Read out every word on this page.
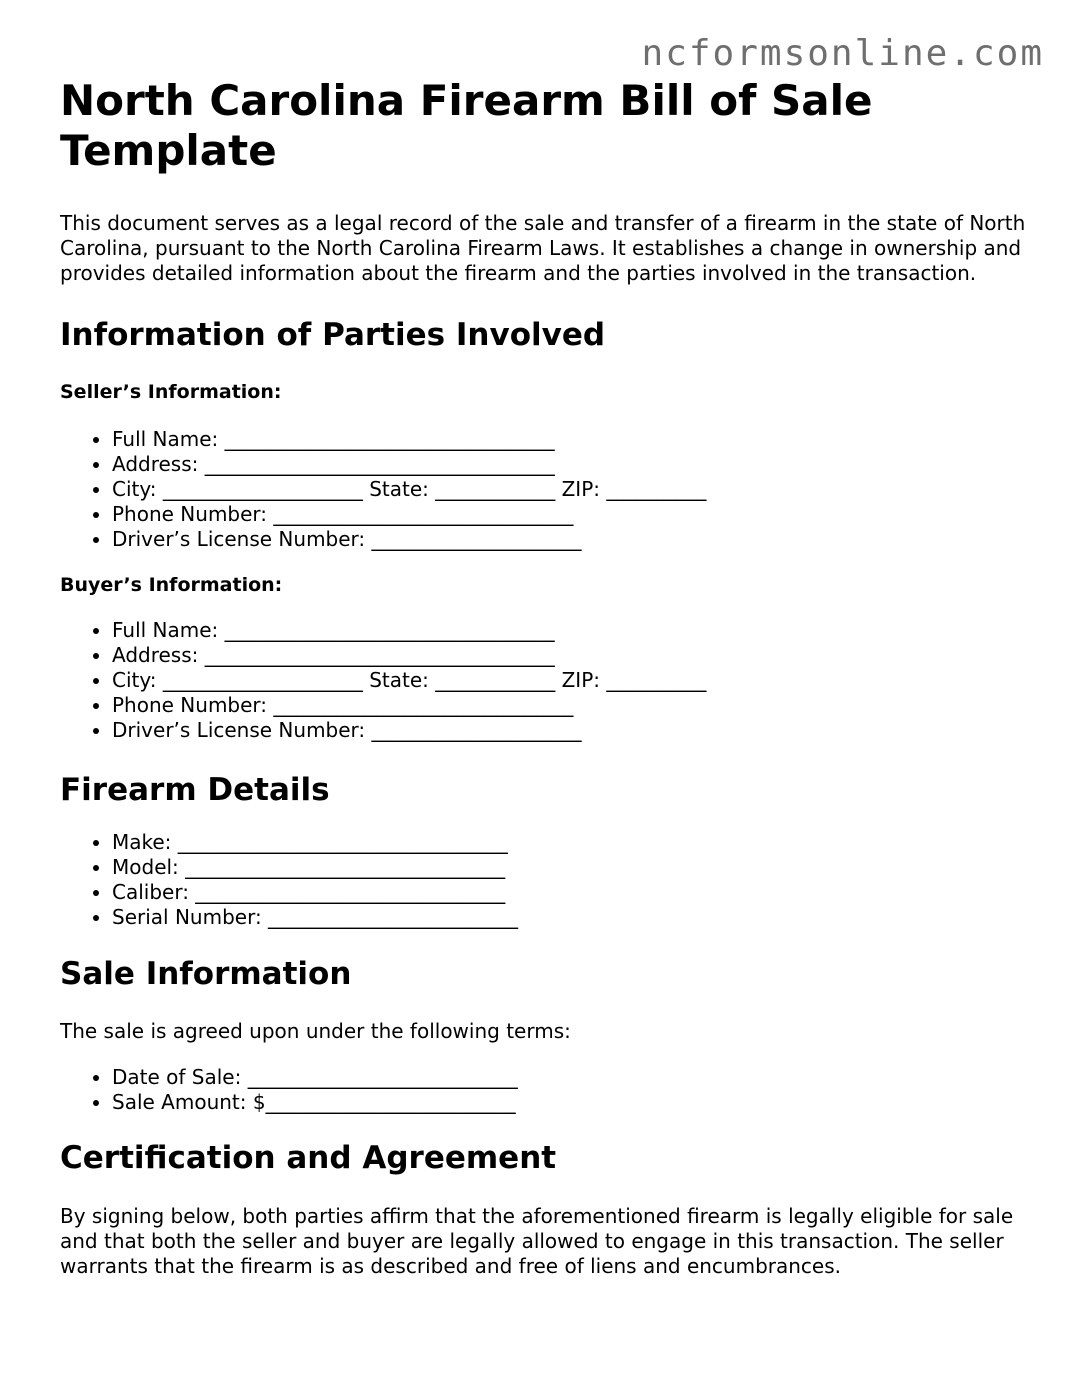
ncformsonline.com
North Carolina Firearm Bill of Sale Template

This document serves as a legal record of the sale and transfer of a firearm in the state of North Carolina, pursuant to the North Carolina Firearm Laws. It establishes a change in ownership and provides detailed information about the firearm and the parties involved in the transaction.

Information of Parties Involved
Seller’s Information:
• Full Name: _________________________________
• Address: ___________________________________
• City: ____________________ State: ____________ ZIP: __________
• Phone Number: ______________________________
• Driver’s License Number: _____________________
Buyer’s Information:
• Full Name: _________________________________
• Address: ___________________________________
• City: ____________________ State: ____________ ZIP: __________
• Phone Number: ______________________________
• Driver’s License Number: _____________________
Firearm Details
• Make: _________________________________
• Model: ________________________________
• Caliber: _______________________________
• Serial Number: _________________________
Sale Information

The sale is agreed upon under the following terms:

• Date of Sale: ___________________________
• Sale Amount: $_________________________
Certification and Agreement

By signing below, both parties affirm that the aforementioned firearm is legally eligible for sale and that both the seller and buyer are legally allowed to engage in this transaction. The seller warrants that the firearm is as described and free of liens and encumbrances.
